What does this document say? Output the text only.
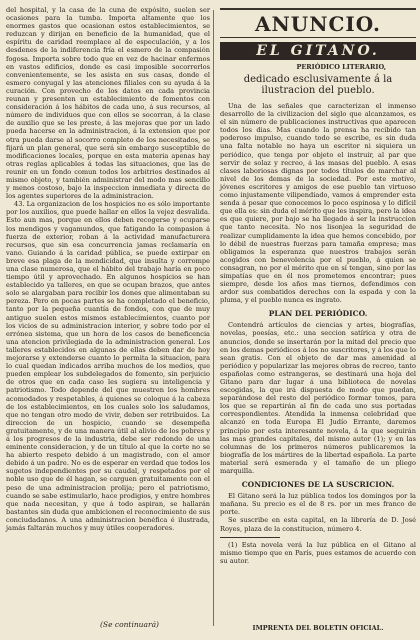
del hospital, y la casa de la cuna de expósito, suelen ser ocasiones para la tumba. Importa altamente que los enormes gastos que ocasionan estos establecimientos, se reduzcan y dirijan en beneficio de la humanidad, que el espíritu de caridad reemplace al de especulación, y a los desdenes de la indiferencia fría el esmero de la compasión fogosa. Importa sobre todo que en vez de hacinar enfermos en vastos edificios, donde es casi imposible socorrerlos convenientemente, se les asista en sus casas, donde el esmero conyugal y las atenciones filiales con su ayuda á la curación. Con provecho de los datos en cada provincia reunan y presenten un establecimiento de fomentos con consideración á los hábitos de cada uno, á sus recursos, al número de individuos que con ellos se socorran, á la clase de auxilio que se les preste, á las mejoras que por un lado pueda hacerse en la administracion, á la extension que por otra pueda darse al socorro completo de los necesitados, se fijará un plan general, que será sin embargo susceptible de modificaciones locales, porque en esta materia apenas hay otras reglas aplicables á todas las situaciones, que las de reunir en un fondo comun todos los arbitrios destinados al mismo objeto, y también administrar del modo mas sencillo y menos costoso, bajo la inspeccion inmediata y directa de los agentes superiores de la administracion.

43. La organizacion de los hospicios no es sólo importante por los auxilios, que puede hallar en ellos la vejez desvalida. Esto aun mas, porque en ellos deben recogerse y ocuparse los mendigos y vagamundos, que fatigando la compasion á fuerza de exterior, roban á la actividad manufacturera recursos, que sin esa concurrencia jamas reclamaría en vano. Guiando á la caridad pública, se puede extirpar en breve esa plaga de la mendicidad, que insulta y corrompe una clase numerosa, que el hábito del trabajo haría en poco tiempo útil y aprovechado. En algunos hospicios se han establecido ya talleres, en que se ocupan brazos, que antes solo se alargaban para recibir los dones que alimentaban su pereza. Pero en pocas partes se ha completado el beneficio, tanto por la pequeña cuantía de fondos, con que de muy antiguo suelen estos mismos establecimientos, cuanto por los vicios de su administracion interior, y sobre todo por el errónea sistema, que un hora de los casos de beneficencia una atencion privilegiada de la administracion general. Los talleres establecidos en algunas de ellas deben dar de hoy mejorarse y extenderse cuanto lo permita la situacion, para lo cual quedan indicados arriba muchos de los medios, que pueden emplear los subdelegados de fomento, sin perjuicio de otros que en cada caso les sugiera su inteligencia y patriotismo. Todo depende del que muestren los hombres acomodados y respetables, á quienes se coloque á la cabeza de los establecimientos, en los cuales solo los saludamos, que no tengan otro modo de vivir, deben ser retribuidos. La direccion de un hospicio, cuando se desempeña gratuitamente, y de una manera útil al alivio de los pobres y á los progresos de la industria, debe ser redondo de una eminente consideracion, y de un título al que la corte no se ha abierto respeto debido á un magistrado, con el amor debido á un padre. No es de esperar en verdad que todos los sugetos independientes por su caudal, y respetados por el noble uso que de él hagan, se carguen gratuitamente con el peso de una administracion prolija; pero el patriotismo, cuando se sabe estimularlo, hace prodigios, y entre hombres que nada necesitan, y que á todo aspiran, se hallarán bastantes sin duda que ambicionen el reconocimiento de sus conciudadanos. A una administracion benéfica é ilustrada, jamás faltarán muchos y muy útiles cooperadores.

(Se continuará)
ANUNCIO.
EL GITANO.
PERIÓDICO LITERARIO,
dedicado esclusivamente á la ilustracion del pueblo.

Una de las señales que caracterizan el inmenso desarrollo de la civilizacion del siglo que alcanzamos, es el sin número de publicaciones instructivas que aparecen todos los dias. Mas cuando la prensa ha recibido tan poderoso impulso, cuando todo se escribe, es sin duda una falta notable no haya un escritor ni siquiera un periódico, que tenga por objeto el instruir, al par que servir de solaz y recreo, á las masas del pueblo. A esas clases laboriosas dignas por todos títulos de marchar al nivel de los demas de la sociedad. Por este motivo, jóvenes escritores y amigos de ese pueblo tan virtuoso como injustamente vilipendiado, vamos á emprender esta senda á pesar que conocemos lo poco espinosa y lo difícil que ella es: sin duda el mérito que les inspira, pero la idea es que quiere, por bajo se ha llegado á ser la instruccion que tanto necesita. No nos lisonjea la seguridad de realizar cumplidamente la idea que hemos concebido, por lo débil de nuestras fuerzas para tamaña empresa; mas obligamos la esperanza que nuestros trabajos serán acogidos con benevolencia por el pueblo, á quien se consagran, no por el mérito que en sí tengan, sino por las simpatías que en él nos prometemos encontrar; pues siempre, desde los años mas tiernos, defendimos con ardor sus combatidos derechos con la espada y con la pluma, y el pueblo nunca es ingrato.

PLAN DEL PERIÓDICO.

Contendrá artículos de ciencias y artes, biografías, novelas, poesías, etc.: una seccion satírica y otra de anuncios, donde se insertarán por la mitad del precio que en los demas periódicos á los no suscritores, y á los que lo sean gratis. Con el objeto de dar mas amenidad al periódico y popularizar las mejores obras de recreo, tanto españolas como estrangeras, se destinará una hoja del Gitano para dar lugar á una biblioteca de novelas escogidas, la que irá dispuesta de modo que puedan, separándose del resto del periódico formar tomos, para los que se repartirán al fin de cada uno sus portadas correspondientes. Atendida la inmensa celebridad que alcanzó en toda Europa El Judío Errante, daremos principio por esta interesante novela, á la que seguirán las mas grandes capitales, del mismo autor (1); y en las columnas de los primeros números publicaremos la biografía de los mártires de la libertad española. La parte material será esmerada y el tamaño de un pliego marquilla.

CONDICIONES DE LA SUSCRICION.

El Gitano será la luz pública todos los domingos por la mañana. Su precio es el de 8 rs. por un mes franco de porte.

Se suscribe en esta capital, en la librería de D. José Royes, plaza de la constitucion, número 4.

(1) Esta novela verá la luz pública en el Gitano al mismo tiempo que en París, pues estamos de acuerdo con su autor.

IMPRENTA DEL BOLETIN OFICIAL.
